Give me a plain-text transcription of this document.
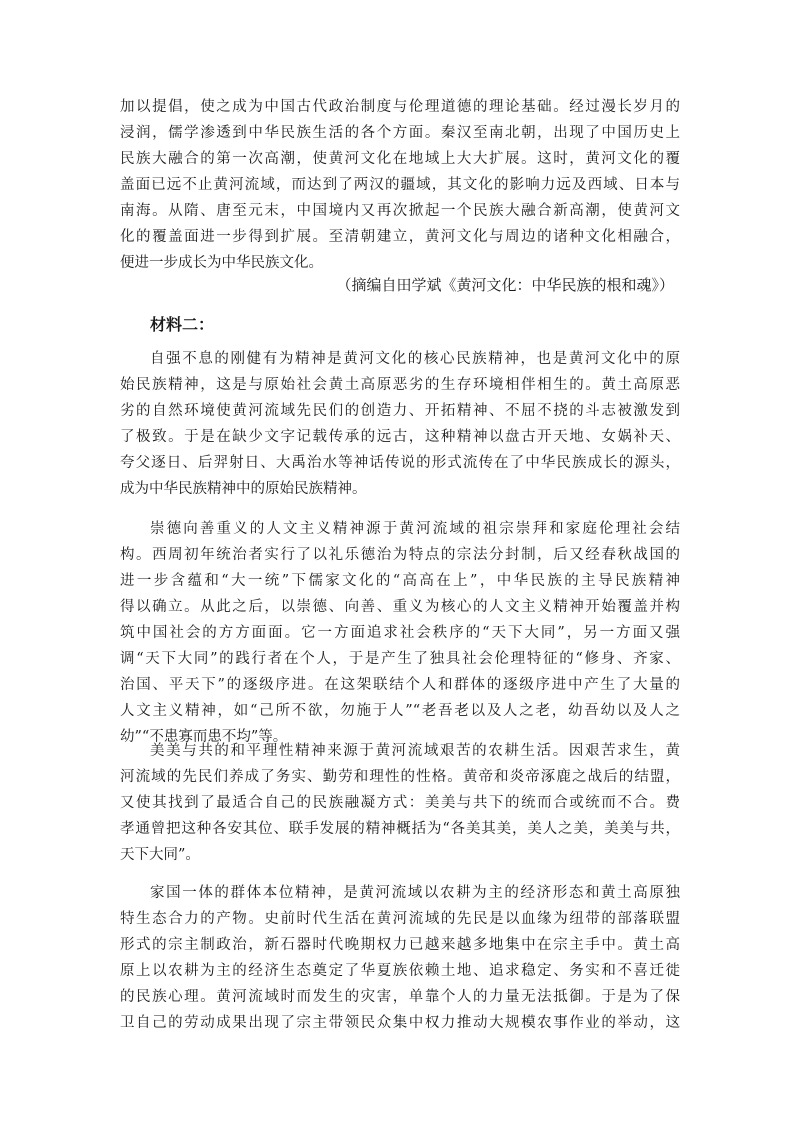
加以提倡，使之成为中国古代政治制度与伦理道德的理论基础。经过漫长岁月的
浸润，儒学渗透到中华民族生活的各个方面。秦汉至南北朝，出现了中国历史上
民族大融合的第一次高潮，使黄河文化在地域上大大扩展。这时，黄河文化的覆
盖面已远不止黄河流域，而达到了两汉的疆域，其文化的影响力远及西域、日本与
南海。从隋、唐至元末，中国境内又再次掀起一个民族大融合新高潮，使黄河文
化的覆盖面进一步得到扩展。至清朝建立，黄河文化与周边的诸种文化相融合，
便进一步成长为中华民族文化。
（摘编自田学斌《黄河文化：中华民族的根和魂》）
材料二：
自强不息的刚健有为精神是黄河文化的核心民族精神，也是黄河文化中的原
始民族精神，这是与原始社会黄土高原恶劣的生存环境相伴相生的。黄土高原恶
劣的自然环境使黄河流域先民们的创造力、开拓精神、不屈不挠的斗志被激发到
了极致。于是在缺少文字记载传承的远古，这种精神以盘古开天地、女娲补天、
夸父逐日、后羿射日、大禹治水等神话传说的形式流传在了中华民族成长的源头，
成为中华民族精神中的原始民族精神。
崇德向善重义的人文主义精神源于黄河流域的祖宗崇拜和家庭伦理社会结
构。西周初年统治者实行了以礼乐德治为特点的宗法分封制，后又经春秋战国的
进一步含蕴和“大一统”下儒家文化的“高高在上”，中华民族的主导民族精神
得以确立。从此之后，以崇德、向善、重义为核心的人文主义精神开始覆盖并构
筑中国社会的方方面面。它一方面追求社会秩序的“天下大同”，另一方面又强
调“天下大同”的践行者在个人，于是产生了独具社会伦理特征的“修身、齐家、
治国、平天下”的逐级序进。在这架联结个人和群体的逐级序进中产生了大量的
人文主义精神，如“己所不欲，勿施于人”“老吾老以及人之老，幼吾幼以及人之
幼”“不患寡而患不均”等。
美美与共的和平理性精神来源于黄河流域艰苦的农耕生活。因艰苦求生，黄
河流域的先民们养成了务实、勤劳和理性的性格。黄帝和炎帝涿鹿之战后的结盟，
又使其找到了最适合自己的民族融凝方式：美美与共下的统而合或统而不合。费
孝通曾把这种各安其位、联手发展的精神概括为“各美其美，美人之美，美美与共，
天下大同”。
家国一体的群体本位精神，是黄河流域以农耕为主的经济形态和黄土高原独
特生态合力的产物。史前时代生活在黄河流域的先民是以血缘为纽带的部落联盟
形式的宗主制政治，新石器时代晚期权力已越来越多地集中在宗主手中。黄土高
原上以农耕为主的经济生态奠定了华夏族依赖土地、追求稳定、务实和不喜迁徙
的民族心理。黄河流域时而发生的灾害，单靠个人的力量无法抵御。于是为了保
卫自己的劳动成果出现了宗主带领民众集中权力推动大规模农事作业的举动，这
